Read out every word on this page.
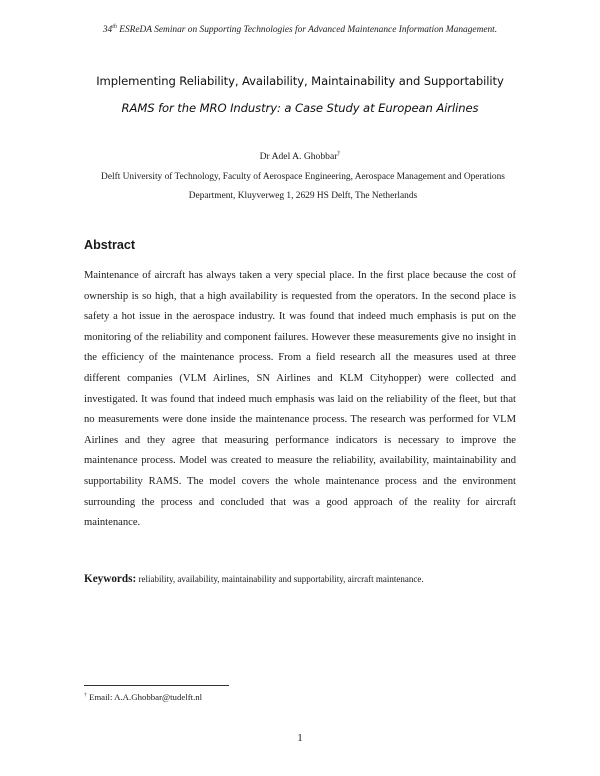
34th ESReDA Seminar on Supporting Technologies for Advanced Maintenance Information Management.
Implementing Reliability, Availability, Maintainability and Supportability
RAMS for the MRO Industry: a Case Study at European Airlines
Dr Adel A. Ghobbar†
Delft University of Technology, Faculty of Aerospace Engineering, Aerospace Management and Operations
Department, Kluyverweg 1, 2629 HS Delft, The Netherlands
Abstract

Maintenance of aircraft has always taken a very special place. In the first place because the cost of ownership is so high, that a high availability is requested from the operators. In the second place is safety a hot issue in the aerospace industry. It was found that indeed much emphasis is put on the monitoring of the reliability and component failures. However these measurements give no insight in the efficiency of the maintenance process. From a field research all the measures used at three different companies (VLM Airlines, SN Airlines and KLM Cityhopper) were collected and investigated. It was found that indeed much emphasis was laid on the reliability of the fleet, but that no measurements were done inside the maintenance process. The research was performed for VLM Airlines and they agree that measuring performance indicators is necessary to improve the maintenance process. Model was created to measure the reliability, availability, maintainability and supportability RAMS. The model covers the whole maintenance process and the environment surrounding the process and concluded that was a good approach of the reality for aircraft maintenance.

Keywords: reliability, availability, maintainability and supportability, aircraft maintenance.
† Email: A.A.Ghobbar@tudelft.nl
1
